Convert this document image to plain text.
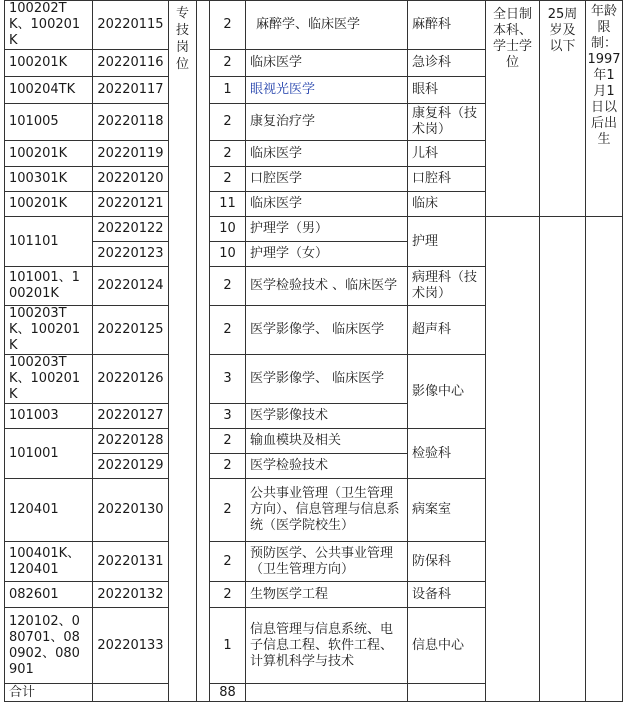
100202TK、100201K	20220115	专技岗位		2	麻醉学、临床医学	麻醉科	全日制本科、学士学位	25周岁及以下	年龄限制：1997年1月1日以后出生
100201K	20220116			2	临床医学	急诊科			
100204TK	20220117			1	眼视光医学	眼科			
101005	20220118			2	康复治疗学	康复科（技术岗）			
100201K	20220119			2	临床医学	儿科			
100301K	20220120			2	口腔医学	口腔科			
100201K	20220121			11	临床医学	临床			
101101	20220122			10	护理学（男）	护理			
	20220123			10	护理学（女）				
101001、100201K	20220124			2	医学检验技术 、临床医学	病理科（技术岗）			
100203TK、100201K	20220125			2	医学影像学、 临床医学	超声科			
100203TK、100201K	20220126			3	医学影像学、 临床医学	影像中心			
101003	20220127			3	医学影像技术				
101001	20220128			2	输血模块及相关	检验科			
	20220129			2	医学检验技术				
120401	20220130			2	公共事业管理（卫生管理方向）、信息管理与信息系统（医学院校生）	病案室			
100401K、120401	20220131			2	预防医学、公共事业管理（卫生管理方向）	防保科			
082601	20220132			2	生物医学工程	设备科			
120102、080701、080902、080901	20220133			1	信息管理与信息系统、电子信息工程、软件工程、计算机科学与技术	信息中心			
合计				88					
